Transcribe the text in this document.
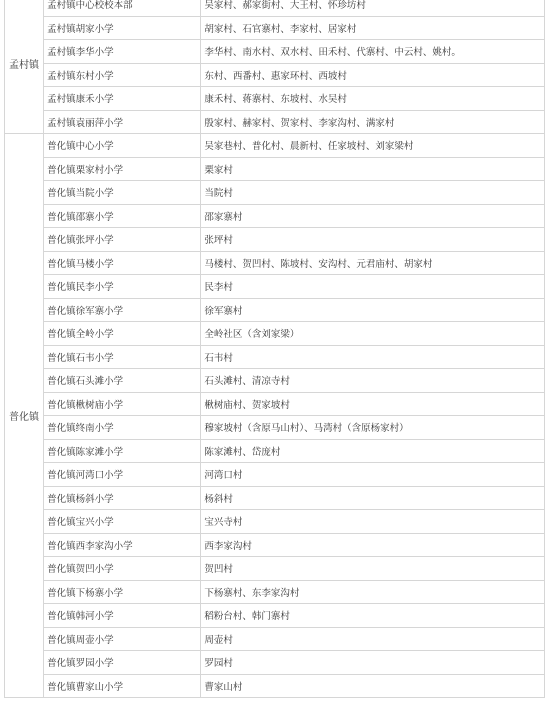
孟村镇	孟村镇中心校校本部	吴家村、郝家街村、大王村、怀珍坊村
	孟村镇胡家小学	胡家村、石官寨村、李家村、居家村
	孟村镇李华小学	李华村、南水村、双水村、田禾村、代寨村、中云村、姚村。
	孟村镇东村小学	东村、西番村、惠家环村、西坡村
	孟村镇康禾小学	康禾村、蒋寨村、东坡村、水吴村
	孟村镇袁丽萍小学	殷家村、赫家村、贺家村、李家沟村、满家村
普化镇	普化镇中心小学	吴家巷村、普化村、晨新村、任家坡村、刘家梁村
	普化镇栗家村小学	栗家村
	普化镇当院小学	当院村
	普化镇邵寨小学	邵家寨村
	普化镇张坪小学	张坪村
	普化镇马楼小学	马楼村、贺凹村、陈坡村、安沟村、元君庙村、胡家村
	普化镇民李小学	民李村
	普化镇徐军寨小学	徐军寨村
	普化镇全岭小学	全岭社区（含刘家梁）
	普化镇石韦小学	石韦村
	普化镇石头滩小学	石头滩村、清凉寺村
	普化镇楸树庙小学	楸树庙村、贺家坡村
	普化镇终南小学	穆家坡村（含原马山村）、马湾村（含原杨家村）
	普化镇陈家滩小学	陈家滩村、岱庞村
	普化镇河湾口小学	河湾口村
	普化镇杨斜小学	杨斜村
	普化镇宝兴小学	宝兴寺村
	普化镇西李家沟小学	西李家沟村
	普化镇贺凹小学	贺凹村
	普化镇下杨寨小学	下杨寨村、东李家沟村
	普化镇韩河小学	稻粉台村、韩门寨村
	普化镇周壶小学	周壶村
	普化镇罗园小学	罗园村
	普化镇曹家山小学	曹家山村
